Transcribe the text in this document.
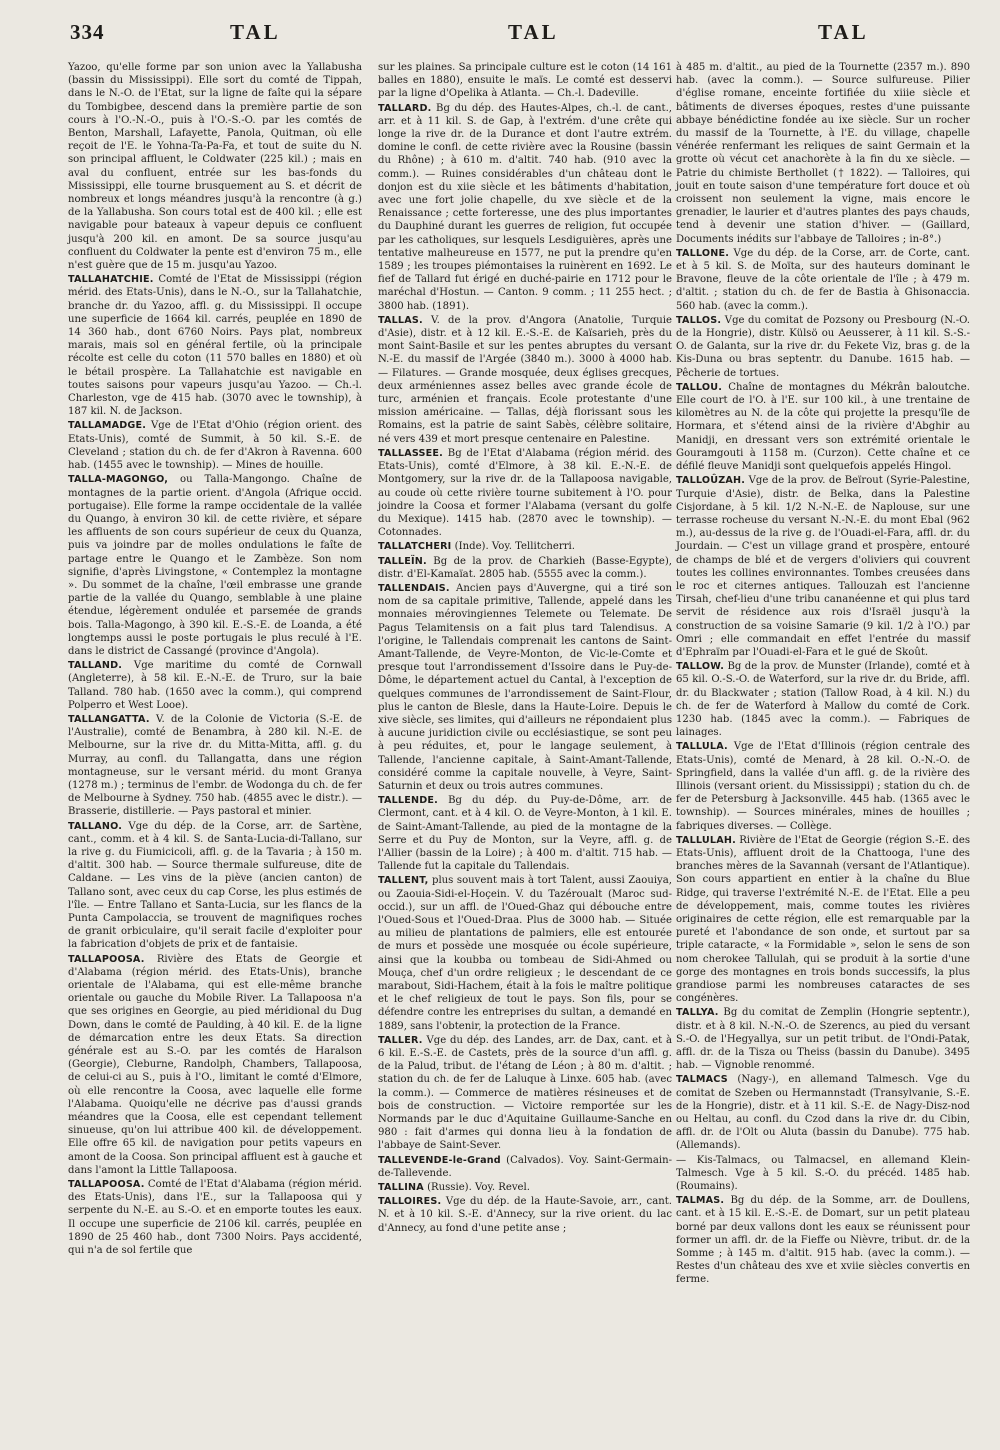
334	TAL	TAL	TAL

Yazoo, qu'elle forme par son union avec la Yallabusha (bassin du Mississippi). Elle sort du comté de Tippah, dans le N.-O. de l'Etat, sur la ligne de faîte qui la sépare du Tombigbee, descend dans la première partie de son cours à l'O.-N.-O., puis à l'O.-S.-O. par les comtés de Benton, Marshall, Lafayette, Panola, Quitman, où elle reçoit de l'E. le Yohna-Ta-Pa-Fa, et tout de suite du N. son principal affluent, le Coldwater (225 kil.) ; mais en aval du confluent, entrée sur les bas-fonds du Mississippi, elle tourne brusquement au S. et décrit de nombreux et longs méandres jusqu'à la rencontre (à g.) de la Yallabusha. Son cours total est de 400 kil. ; elle est navigable pour bateaux à vapeur depuis ce confluent jusqu'à 200 kil. en amont. De sa source jusqu'au confluent du Coldwater la pente est d'environ 75 m., elle n'est guère que de 15 m. jusqu'au Yazoo.

TALLAHATCHIE. Comté de l'Etat de Mississippi (région mérid. des Etats-Unis), dans le N.-O., sur la Tallahatchie, branche dr. du Yazoo, affl. g. du Mississippi. Il occupe une superficie de 1664 kil. carrés, peuplée en 1890 de 14 360 hab., dont 6760 Noirs. Pays plat, nombreux marais, mais sol en général fertile, où la principale récolte est celle du coton (11 570 balles en 1880) et où le bétail prospère. La Tallahatchie est navigable en toutes saisons pour vapeurs jusqu'au Yazoo. — Ch.-l. Charleston, vge de 415 hab. (3070 avec le township), à 187 kil. N. de Jackson.

TALLAMADGE. Vge de l'Etat d'Ohio (région orient. des Etats-Unis), comté de Summit, à 50 kil. S.-E. de Cleveland ; station du ch. de fer d'Akron à Ravenna. 600 hab. (1455 avec le township). — Mines de houille.

TALLA-MAGONGO, ou Talla-Mangongo. Chaîne de montagnes de la partie orient. d'Angola (Afrique occid. portugaise). Elle forme la rampe occidentale de la vallée du Quango, à environ 30 kil. de cette rivière, et sépare les affluents de son cours supérieur de ceux du Quanza, puis va joindre par de molles ondulations le faîte de partage entre le Quango et le Zambèze. Son nom signifie, d'après Livingstone, « Contemplez la montagne ». Du sommet de la chaîne, l'œil embrasse une grande partie de la vallée du Quango, semblable à une plaine étendue, légèrement ondulée et parsemée de grands bois. Talla-Magongo, à 390 kil. E.-S.-E. de Loanda, a été longtemps aussi le poste portugais le plus reculé à l'E. dans le district de Cassangé (province d'Angola).

TALLAND. Vge maritime du comté de Cornwall (Angleterre), à 58 kil. E.-N.-E. de Truro, sur la baie Talland. 780 hab. (1650 avec la comm.), qui comprend Polperro et West Looe).

TALLANGATTA. V. de la Colonie de Victoria (S.-E. de l'Australie), comté de Benambra, à 280 kil. N.-E. de Melbourne, sur la rive dr. du Mitta-Mitta, affl. g. du Murray, au confl. du Tallangatta, dans une région montagneuse, sur le versant mérid. du mont Granya (1278 m.) ; terminus de l'embr. de Wodonga du ch. de fer de Melbourne à Sydney. 750 hab. (4855 avec le distr.). — Brasserie, distillerie. — Pays pastoral et minier.

TALLANO. Vge du dép. de la Corse, arr. de Sartène, cant., comm. et à 4 kil. S. de Santa-Lucia-di-Tallano, sur la rive g. du Fiumicicoli, affl. g. de la Tavaria ; à 150 m. d'altit. 300 hab. — Source thermale sulfureuse, dite de Caldane. — Les vins de la piève (ancien canton) de Tallano sont, avec ceux du cap Corse, les plus estimés de l'île. — Entre Tallano et Santa-Lucia, sur les flancs de la Punta Campolaccia, se trouvent de magnifiques roches de granit orbiculaire, qu'il serait facile d'exploiter pour la fabrication d'objets de prix et de fantaisie.

TALLAPOOSA. Rivière des Etats de Georgie et d'Alabama (région mérid. des Etats-Unis), branche orientale de l'Alabama, qui est elle-même branche orientale ou gauche du Mobile River. La Tallapoosa n'a que ses origines en Georgie, au pied méridional du Dug Down, dans le comté de Paulding, à 40 kil. E. de la ligne de démarcation entre les deux Etats. Sa direction générale est au S.-O. par les comtés de Haralson (Georgie), Cleburne, Randolph, Chambers, Tallapoosa, de celui-ci au S., puis à l'O., limitant le comté d'Elmore, où elle rencontre la Coosa, avec laquelle elle forme l'Alabama. Quoiqu'elle ne décrive pas d'aussi grands méandres que la Coosa, elle est cependant tellement sinueuse, qu'on lui attribue 400 kil. de développement. Elle offre 65 kil. de navigation pour petits vapeurs en amont de la Coosa. Son principal affluent est à gauche et dans l'amont la Little Tallapoosa.

TALLAPOOSA. Comté de l'Etat d'Alabama (région mérid. des Etats-Unis), dans l'E., sur la Tallapoosa qui y serpente du N.-E. au S.-O. et en emporte toutes les eaux. Il occupe une superficie de 2106 kil. carrés, peuplée en 1890 de 25 460 hab., dont 7300 Noirs. Pays accidenté, qui n'a de sol fertile que

sur les plaines. Sa principale culture est le coton (14 161 balles en 1880), ensuite le maïs. Le comté est desservi par la ligne d'Opelika à Atlanta. — Ch.-l. Dadeville.

TALLARD. Bg du dép. des Hautes-Alpes, ch.-l. de cant., arr. et à 11 kil. S. de Gap, à l'extrém. d'une crête qui longe la rive dr. de la Durance et dont l'autre extrém. domine le confl. de cette rivière avec la Rousine (bassin du Rhône) ; à 610 m. d'altit. 740 hab. (910 avec la comm.). — Ruines considérables d'un château dont le donjon est du xiie siècle et les bâtiments d'habitation, avec une fort jolie chapelle, du xve siècle et de la Renaissance ; cette forteresse, une des plus importantes du Dauphiné durant les guerres de religion, fut occupée par les catholiques, sur lesquels Lesdiguières, après une tentative malheureuse en 1577, ne put la prendre qu'en 1589 ; les troupes piémontaises la ruinèrent en 1692. Le fief de Tallard fut érigé en duché-pairie en 1712 pour le maréchal d'Hostun. — Canton. 9 comm. ; 11 255 hect. ; 3800 hab. (1891).

TALLAS. V. de la prov. d'Angora (Anatolie, Turquie d'Asie), distr. et à 12 kil. E.-S.-E. de Kaïsarieh, près du mont Saint-Basile et sur les pentes abruptes du versant N.-E. du massif de l'Argée (3840 m.). 3000 à 4000 hab. — Filatures. — Grande mosquée, deux églises grecques, deux arméniennes assez belles avec grande école de turc, arménien et français. Ecole protestante d'une mission américaine. — Tallas, déjà florissant sous les Romains, est la patrie de saint Sabès, célèbre solitaire, né vers 439 et mort presque centenaire en Palestine.

TALLASSEE. Bg de l'Etat d'Alabama (région mérid. des Etats-Unis), comté d'Elmore, à 38 kil. E.-N.-E. de Montgomery, sur la rive dr. de la Tallapoosa navigable, au coude où cette rivière tourne subitement à l'O. pour joindre la Coosa et former l'Alabama (versant du golfe du Mexique). 1415 hab. (2870 avec le township). — Cotonnades.

TALLATCHERI (Inde). Voy. Tellitcherri.

TALLEÏN. Bg de la prov. de Charkieh (Basse-Egypte), distr. d'El-Kamaïat. 2805 hab. (5555 avec la comm.).

TALLENDAIS. Ancien pays d'Auvergne, qui a tiré son nom de sa capitale primitive, Tallende, appelé dans les monnaies mérovingiennes Telemete ou Telemate. De Pagus Telamitensis on a fait plus tard Talendisus. A l'origine, le Tallendais comprenait les cantons de Saint-Amant-Tallende, de Veyre-Monton, de Vic-le-Comte et presque tout l'arrondissement d'Issoire dans le Puy-de-Dôme, le département actuel du Cantal, à l'exception de quelques communes de l'arrondissement de Saint-Flour, plus le canton de Blesle, dans la Haute-Loire. Depuis le xive siècle, ses limites, qui d'ailleurs ne répondaient plus à aucune juridiction civile ou ecclésiastique, se sont peu à peu réduites, et, pour le langage seulement, à Tallende, l'ancienne capitale, à Saint-Amant-Tallende, considéré comme la capitale nouvelle, à Veyre, Saint-Saturnin et deux ou trois autres communes.

TALLENDE. Bg du dép. du Puy-de-Dôme, arr. de Clermont, cant. et à 4 kil. O. de Veyre-Monton, à 1 kil. E. de Saint-Amant-Tallende, au pied de la montagne de la Serre et du Puy de Monton, sur la Veyre, affl. g. de l'Allier (bassin de la Loire) ; à 400 m. d'altit. 715 hab. — Tallende fut la capitale du Tallendais.

TALLENT, plus souvent mais à tort Talent, aussi Zaouiya, ou Zaouia-Sidi-el-Hoçein. V. du Tazéroualt (Maroc sud-occid.), sur un affl. de l'Oued-Ghaz qui débouche entre l'Oued-Sous et l'Oued-Draa. Plus de 3000 hab. — Située au milieu de plantations de palmiers, elle est entourée de murs et possède une mosquée ou école supérieure, ainsi que la koubba ou tombeau de Sidi-Ahmed ou Mouça, chef d'un ordre religieux ; le descendant de ce marabout, Sidi-Hachem, était à la fois le maître politique et le chef religieux de tout le pays. Son fils, pour se défendre contre les entreprises du sultan, a demandé en 1889, sans l'obtenir, la protection de la France.

TALLER. Vge du dép. des Landes, arr. de Dax, cant. et à 6 kil. E.-S.-E. de Castets, près de la source d'un affl. g. de la Palud, tribut. de l'étang de Léon ; à 80 m. d'altit. ; station du ch. de fer de Laluque à Linxe. 605 hab. (avec la comm.). — Commerce de matières résineuses et de bois de construction. — Victoire remportée sur les Normands par le duc d'Aquitaine Guillaume-Sanche en 980 : fait d'armes qui donna lieu à la fondation de l'abbaye de Saint-Sever.

TALLEVENDE-le-Grand (Calvados). Voy. Saint-Germain-de-Tallevende.

TALLINA (Russie). Voy. Revel.

TALLOIRES. Vge du dép. de la Haute-Savoie, arr., cant. N. et à 10 kil. S.-E. d'Annecy, sur la rive orient. du lac d'Annecy, au fond d'une petite anse ;

à 485 m. d'altit., au pied de la Tournette (2357 m.). 890 hab. (avec la comm.). — Source sulfureuse. Pilier d'église romane, enceinte fortifiée du xiiie siècle et bâtiments de diverses époques, restes d'une puissante abbaye bénédictine fondée au ixe siècle. Sur un rocher du massif de la Tournette, à l'E. du village, chapelle vénérée renfermant les reliques de saint Germain et la grotte où vécut cet anachorète à la fin du xe siècle. — Patrie du chimiste Berthollet († 1822). — Talloires, qui jouit en toute saison d'une température fort douce et où croissent non seulement la vigne, mais encore le grenadier, le laurier et d'autres plantes des pays chauds, tend à devenir une station d'hiver. — (Gaillard, Documents inédits sur l'abbaye de Talloires ; in-8°.)

TALLONE. Vge du dép. de la Corse, arr. de Corte, cant. et à 5 kil. S. de Moïta, sur des hauteurs dominant le Bravone, fleuve de la côte orientale de l'île ; à 479 m. d'altit. ; station du ch. de fer de Bastia à Ghisonaccia. 560 hab. (avec la comm.).

TALLOS. Vge du comitat de Pozsony ou Presbourg (N.-O. de la Hongrie), distr. Külsö ou Aeusserer, à 11 kil. S.-S.-O. de Galanta, sur la rive dr. du Fekete Viz, bras g. de la Kis-Duna ou bras septentr. du Danube. 1615 hab. — Pêcherie de tortues.

TALLOU. Chaîne de montagnes du Mékrân baloutche. Elle court de l'O. à l'E. sur 100 kil., à une trentaine de kilomètres au N. de la côte qui projette la presqu'île de Hormara, et s'étend ainsi de la rivière d'Abghir au Manidji, en dressant vers son extrémité orientale le Gouramgouti à 1158 m. (Curzon). Cette chaîne et ce défilé fleuve Manidji sont quelquefois appelés Hingol.

TALLOÛZAH. Vge de la prov. de Beïrout (Syrie-Palestine, Turquie d'Asie), distr. de Belka, dans la Palestine Cisjordane, à 5 kil. 1/2 N.-N.-E. de Naplouse, sur une terrasse rocheuse du versant N.-N.-E. du mont Ebal (962 m.), au-dessus de la rive g. de l'Ouadi-el-Fara, affl. dr. du Jourdain. — C'est un village grand et prospère, entouré de champs de blé et de vergers d'oliviers qui couvrent toutes les collines environnantes. Tombes creusées dans le roc et citernes antiques. Tallouzah est l'ancienne Tirsah, chef-lieu d'une tribu cananéenne et qui plus tard servit de résidence aux rois d'Israël jusqu'à la construction de sa voisine Samarie (9 kil. 1/2 à l'O.) par Omri ; elle commandait en effet l'entrée du massif d'Ephraïm par l'Ouadi-el-Fara et le gué de Skoût.

TALLOW. Bg de la prov. de Munster (Irlande), comté et à 65 kil. O.-S.-O. de Waterford, sur la rive dr. du Bride, affl. dr. du Blackwater ; station (Tallow Road, à 4 kil. N.) du ch. de fer de Waterford à Mallow du comté de Cork. 1230 hab. (1845 avec la comm.). — Fabriques de lainages.

TALLULA. Vge de l'Etat d'Illinois (région centrale des Etats-Unis), comté de Menard, à 28 kil. O.-N.-O. de Springfield, dans la vallée d'un affl. g. de la rivière des Illinois (versant orient. du Mississippi) ; station du ch. de fer de Petersburg à Jacksonville. 445 hab. (1365 avec le township). — Sources minérales, mines de houilles ; fabriques diverses. — Collège.

TALLULAH. Rivière de l'Etat de Georgie (région S.-E. des Etats-Unis), affluent droit de la Chattooga, l'une des branches mères de la Savannah (versant de l'Atlantique). Son cours appartient en entier à la chaîne du Blue Ridge, qui traverse l'extrémité N.-E. de l'Etat. Elle a peu de développement, mais, comme toutes les rivières originaires de cette région, elle est remarquable par la pureté et l'abondance de son onde, et surtout par sa triple cataracte, « la Formidable », selon le sens de son nom cherokee Tallulah, qui se produit à la sortie d'une gorge des montagnes en trois bonds successifs, la plus grandiose parmi les nombreuses cataractes de ses congénères.

TALLYA. Bg du comitat de Zemplin (Hongrie septentr.), distr. et à 8 kil. N.-N.-O. de Szerencs, au pied du versant S.-O. de l'Hegyallya, sur un petit tribut. de l'Ondi-Patak, affl. dr. de la Tisza ou Theiss (bassin du Danube). 3495 hab. — Vignoble renommé.

TALMACS (Nagy-), en allemand Talmesch. Vge du comitat de Szeben ou Hermannstadt (Transylvanie, S.-E. de la Hongrie), distr. et à 11 kil. S.-E. de Nagy-Disz-nod ou Heltau, au confl. du Czod dans la rive dr. du Cibin, affl. dr. de l'Olt ou Aluta (bassin du Danube). 775 hab. (Allemands).

— Kis-Talmacs, ou Talmacsel, en allemand Klein-Talmesch. Vge à 5 kil. S.-O. du précéd. 1485 hab. (Roumains).

TALMAS. Bg du dép. de la Somme, arr. de Doullens, cant. et à 15 kil. E.-S.-E. de Domart, sur un petit plateau borné par deux vallons dont les eaux se réunissent pour former un affl. dr. de la Fieffe ou Nièvre, tribut. dr. de la Somme ; à 145 m. d'altit. 915 hab. (avec la comm.). — Restes d'un château des xve et xviie siècles convertis en ferme.
